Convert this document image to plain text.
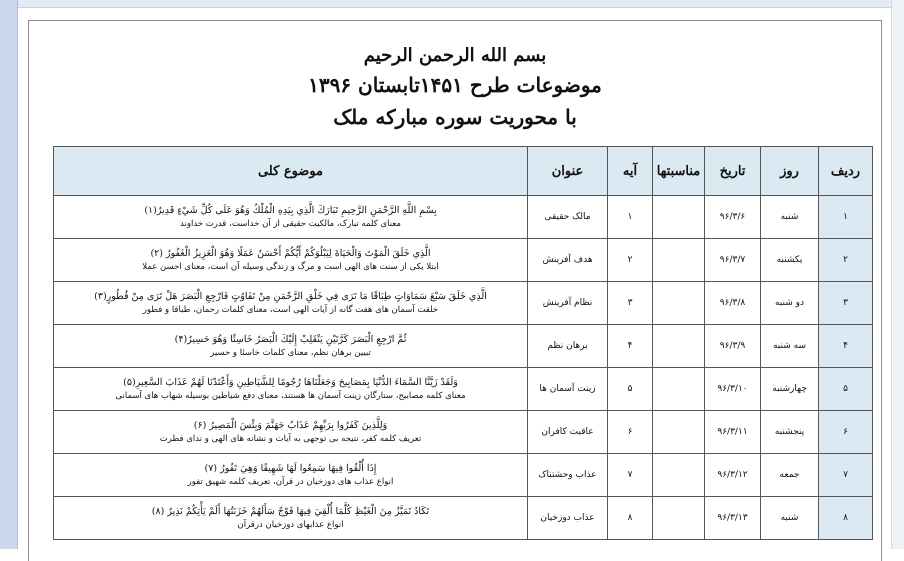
بسم الله الرحمن الرحیم
موضوعات طرح ۱۴۵۱تابستان ۱۳۹۶
با محوریت سوره مبارکه ملک
ردیف	روز	تاریخ	مناسبتها	آیه	عنوان	موضوع کلی
۱	شنبه	۹۶/۳/۶		۱	مالک حقیقی	بِسْمِ اللَّهِ الرَّحْمَنِ الرَّحِيمِ تَبَارَكَ الَّذِي بِيَدِهِ الْمُلْكُ وَهُوَ عَلَى كُلِّ شَيْءٍ قَدِيرٌ(۱)
معنای کلمه تبارک، مالکیت حقیقی از آن خداست، قدرت خداوند

۲	یکشنبه	۹۶/۳/۷		۲	هدف آفرینش	الَّذِي خَلَقَ الْمَوْتَ وَالْحَيَاةَ لِيَبْلُوَكُمْ أَيُّكُمْ أَحْسَنُ عَمَلًا وَهُوَ الْعَزِيزُ الْغَفُورُ (۲)
ابتلا یکی از سنت های الهی است و مرگ و زندگی وسیله آن است، معنای احسن عملا

۳	دو شنبه	۹۶/۳/۸		۳	نظام آفرینش	الَّذِي خَلَقَ سَبْعَ سَمَاوَاتٍ طِبَاقًا مَا تَرَى فِي خَلْقِ الرَّحْمَنِ مِنْ تَفَاوُتٍ فَارْجِعِ الْبَصَرَ هَلْ تَرَى مِنْ فُطُورٍ(۳)
خلقت آسمان های هفت گانه از آیات الهی است، معنای کلمات رحمان، طباقا و فطور

۴	سه شنبه	۹۶/۳/۹		۴	برهان نظم	ثُمَّ ارْجِعِ الْبَصَرَ كَرَّتَيْنِ يَنْقَلِبْ إِلَيْكَ الْبَصَرُ خَاسِئًا وَهُوَ حَسِيرٌ(۴)
تبیین برهان نظم، معنای کلمات خاسئا و حسیر

۵	چهارشنبه	۹۶/۳/۱۰		۵	زینت آسمان ها	وَلَقَدْ زَيَّنَّا السَّمَاءَ الدُّنْيَا بِمَصَابِيحَ وَجَعَلْنَاهَا رُجُومًا لِلشَّيَاطِينِ وَأَعْتَدْنَا لَهُمْ عَذَابَ السَّعِيرِ(۵)
معنای کلمه مصابیح، ستارگان زینت آسمان ها هستند، معنای دفع شیاطین بوسیله شهاب های آسمانی

۶	پنجشنبه	۹۶/۳/۱۱		۶	عاقبت کافران	وَلِلَّذِينَ كَفَرُوا بِرَبِّهِمْ عَذَابُ جَهَنَّمَ وَبِئْسَ الْمَصِيرُ (۶)
تعریف کلمه کفر، نتیجه بی توجهی به آیات و نشانه های الهی و ندای فطرت

۷	جمعه	۹۶/۳/۱۲		۷	عذاب وحشتناک	إِذَا أُلْقُوا فِيهَا سَمِعُوا لَهَا شَهِيقًا وَهِيَ تَفُورُ (۷)
انواع عذاب های دوزخیان در قرآن، تعریف کلمه شهیق تفور

۸	شنبه	۹۶/۳/۱۳		۸	عذاب دوزخیان	تَكَادُ تَمَيَّزُ مِنَ الْغَيْظِ كُلَّمَا أُلْقِيَ فِيهَا فَوْجٌ سَأَلَهُمْ خَزَنَتُهَا أَلَمْ يَأْتِكُمْ نَذِيرٌ (۸)
انواع عذابهای دوزخیان درقرآن
